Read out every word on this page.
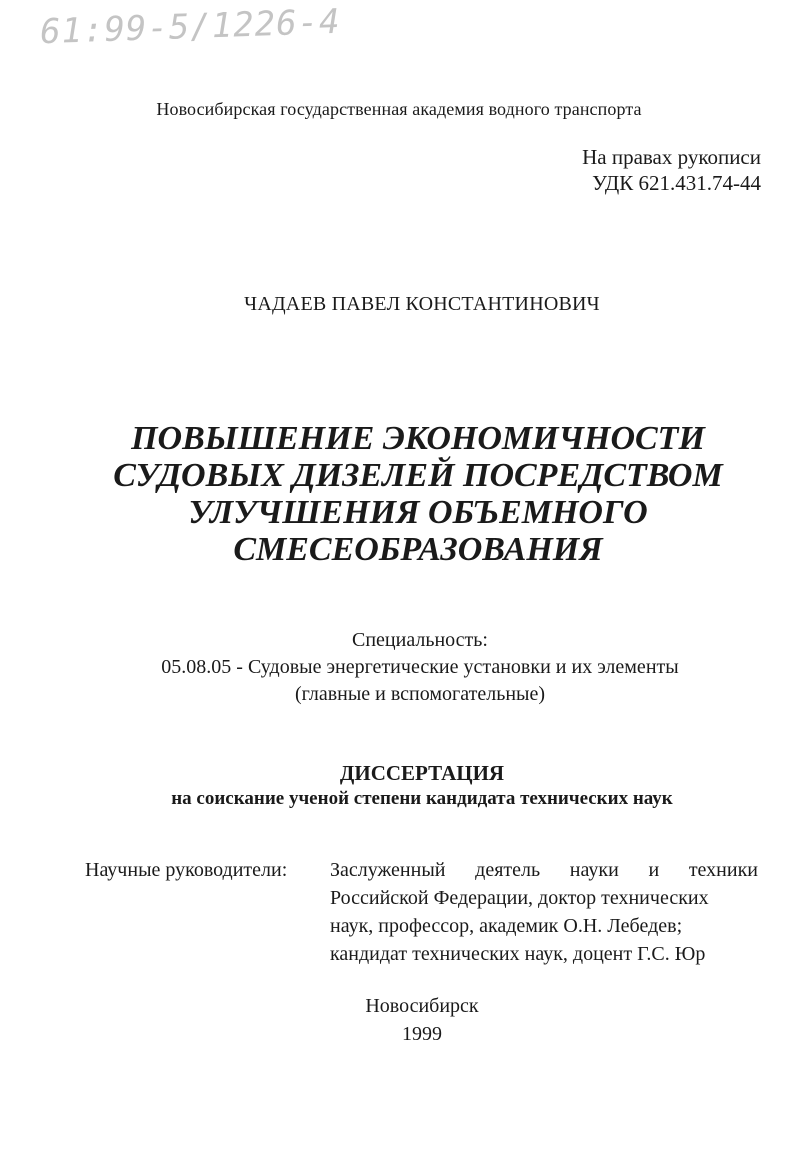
61:99-5/1226-4
Новосибирская государственная академия водного транспорта
На правах рукописи
УДК 621.431.74-44
ЧАДАЕВ ПАВЕЛ КОНСТАНТИНОВИЧ
ПОВЫШЕНИЕ ЭКОНОМИЧНОСТИ
СУДОВЫХ ДИЗЕЛЕЙ ПОСРЕДСТВОМ
УЛУЧШЕНИЯ ОБЪЕМНОГО
СМЕСЕОБРАЗОВАНИЯ
Специальность:
05.08.05 - Судовые энергетические установки и их элементы
(главные и вспомогательные)
ДИССЕРТАЦИЯ
на соискание ученой степени кандидата технических наук
Научные руководители: Заслуженный деятель науки и техники
Российской Федерации, доктор технических
наук, профессор, академик О.Н. Лебедев;
кандидат технических наук, доцент Г.С. Юр
Новосибирск
1999
